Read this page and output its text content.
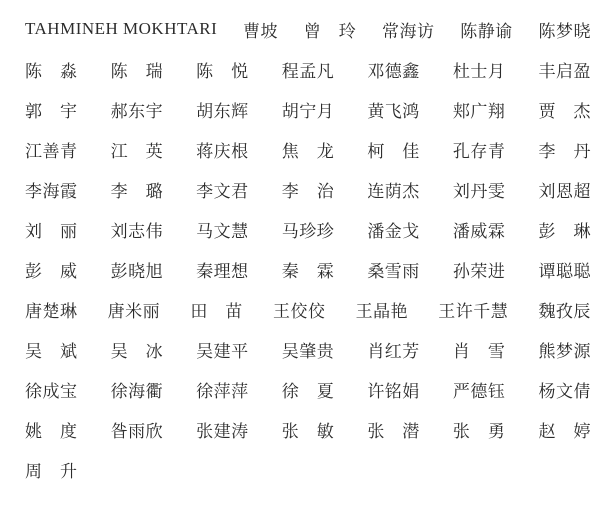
TAHMINEH MOKHTARI 曹坡 曾　玲 常海访 陈静谕 陈梦晓
陈　淼 陈　瑞 陈　悦 程孟凡 邓德鑫 杜士月 丰启盈
郭　宇 郝东宇 胡东辉 胡宁月 黄飞鸿 郏广翔 贾　杰
江善青 江　英 蒋庆根 焦　龙 柯　佳 孔存青 李　丹
李海霞 李　璐 李文君 李　治 连荫杰 刘丹雯 刘恩超
刘　丽 刘志伟 马文慧 马珍珍 潘金戈 潘威霖 彭　琳
彭　威 彭晓旭 秦理想 秦　霖 桑雪雨 孙荣进 谭聪聪
唐楚琳 唐米丽 田　苗 王佼佼 王晶艳 王许千慧 魏孜辰
吴　斌 吴　冰 吴建平 吴肇贵 肖红芳 肖　雪 熊梦源
徐成宝 徐海衢 徐萍萍 徐　夏 许铭娟 严德钰 杨文倩
姚　度 昝雨欣 张建涛 张　敏 张　潜 张　勇 赵　婷
周　升
